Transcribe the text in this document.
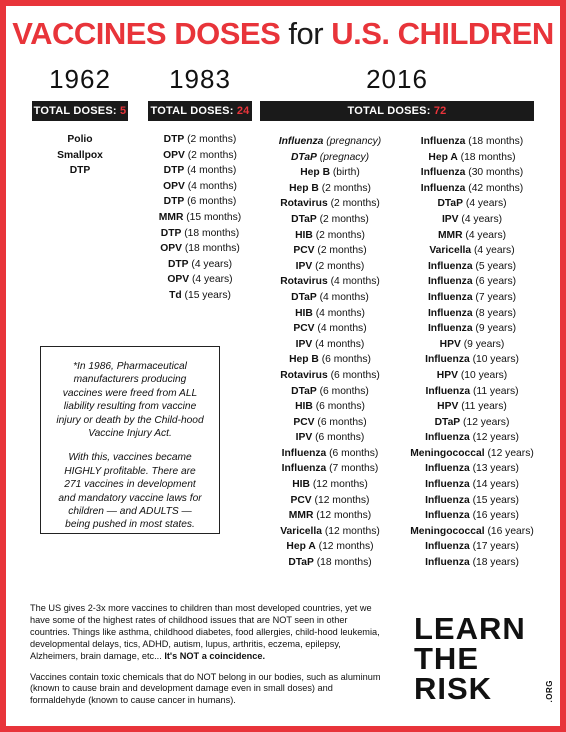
VACCINES DOSES for U.S. CHILDREN
1962
TOTAL DOSES: 5
Polio
Smallpox
DTP
1983
TOTAL DOSES: 24
DTP (2 months)
OPV (2 months)
DTP (4 months)
OPV (4 months)
DTP (6 months)
MMR (15 months)
DTP (18 months)
OPV (18 months)
DTP (4 years)
OPV (4 years)
Td (15 years)
2016
TOTAL DOSES: 72
Influenza (pregnancy)
DTaP (pregnacy)
Hep B (birth)
Hep B (2 months)
Rotavirus (2 months)
DTaP (2 months)
HIB (2 months)
PCV (2 months)
IPV (2 months)
Rotavirus (4 months)
DTaP (4 months)
HIB (4 months)
PCV (4 months)
IPV (4 months)
Hep B (6 months)
Rotavirus (6 months)
DTaP (6 months)
HIB (6 months)
PCV (6 months)
IPV (6 months)
Influenza (6 months)
Influenza (7 months)
HIB (12 months)
PCV (12 months)
MMR (12 months)
Varicella (12 months)
Hep A (12 months)
DTaP (18 months)
Influenza (18 months)
Hep A (18 months)
Influenza (30 months)
Influenza (42 months)
DTaP (4 years)
IPV (4 years)
MMR (4 years)
Varicella (4 years)
Influenza (5 years)
Influenza (6 years)
Influenza (7 years)
Influenza (8 years)
Influenza (9 years)
HPV (9 years)
Influenza (10 years)
HPV (10 years)
Influenza (11 years)
HPV (11 years)
DTaP (12 years)
Influenza (12 years)
Meningococcal (12 years)
Influenza (13 years)
Influenza (14 years)
Influenza (15 years)
Influenza (16 years)
Meningococcal (16 years)
Influenza (17 years)
Influenza (18 years)

*In 1986, Pharmaceutical manufacturers producing vaccines were freed from ALL liability resulting from vaccine injury or death by the Child-hood Vaccine Injury Act.

With this, vaccines became HIGHLY profitable. There are 271 vaccines in development and mandatory vaccine laws for children — and ADULTS — being pushed in most states.

The US gives 2-3x more vaccines to children than most developed countries, yet we have some of the highest rates of childhood issues that are NOT seen in other countries. Things like asthma, childhood diabetes, food allergies, child-hood leukemia, developmental delays, tics, ADHD, autism, lupus, arthritis, eczema, epilepsy, Alzheimers, brain damage, etc... It's NOT a coincidence.

Vaccines contain toxic chemicals that do NOT belong in our bodies, such as aluminum (known to cause brain and development damage even in small doses) and formaldehyde (known to cause cancer in humans).

LEARN
THE
RISK	.ORG
